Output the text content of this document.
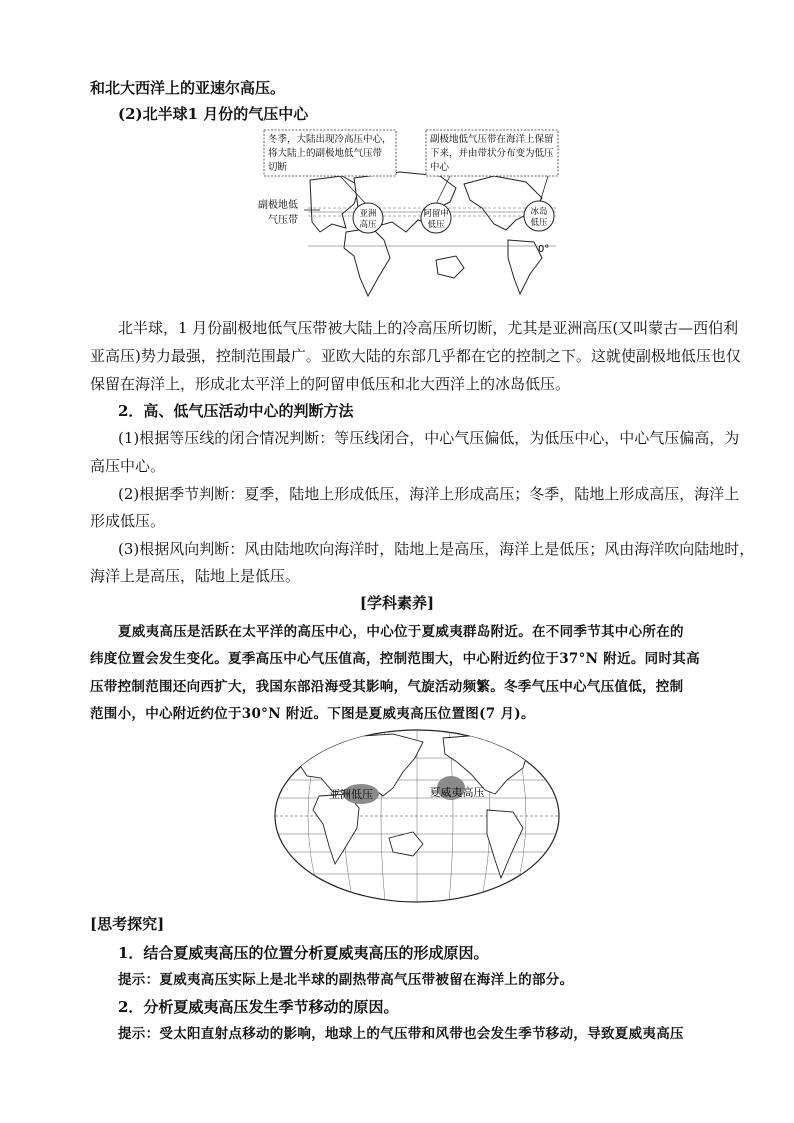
和北大西洋上的亚速尔高压。
(2)北半球1 月份的气压中心
冬季，大陆出现冷高压中心，
将大陆上的副极地低气压带
切断
副极地低气压带在海洋上保留
下来，并由带状分布变为低压
中心
副极地低
气压带
亚洲
高压
阿留申
低压
冰岛
低压
0°
北半球，1 月份副极地低气压带被大陆上的冷高压所切断，尤其是亚洲高压(又叫蒙古—西伯利
亚高压)势力最强，控制范围最广。亚欧大陆的东部几乎都在它的控制之下。这就使副极地低压也仅
保留在海洋上，形成北太平洋上的阿留申低压和北大西洋上的冰岛低压。
2．高、低气压活动中心的判断方法
(1)根据等压线的闭合情况判断：等压线闭合，中心气压偏低，为低压中心，中心气压偏高，为
高压中心。
(2)根据季节判断：夏季，陆地上形成低压，海洋上形成高压；冬季，陆地上形成高压，海洋上
形成低压。
(3)根据风向判断：风由陆地吹向海洋时，陆地上是高压，海洋上是低压；风由海洋吹向陆地时，
海洋上是高压，陆地上是低压。
[学科素养]
夏威夷高压是活跃在太平洋的高压中心，中心位于夏威夷群岛附近。在不同季节其中心所在的
纬度位置会发生变化。夏季高压中心气压值高，控制范围大，中心附近约位于37°N 附近。同时其高
压带控制范围还向西扩大，我国东部沿海受其影响，气旋活动频繁。冬季气压中心气压值低，控制
范围小，中心附近约位于30°N 附近。下图是夏威夷高压位置图(7 月)。
亚洲低压	夏威夷高压
[思考探究]
1．结合夏威夷高压的位置分析夏威夷高压的形成原因。
提示：夏威夷高压实际上是北半球的副热带高气压带被留在海洋上的部分。
2．分析夏威夷高压发生季节移动的原因。
提示：受太阳直射点移动的影响，地球上的气压带和风带也会发生季节移动，导致夏威夷高压
